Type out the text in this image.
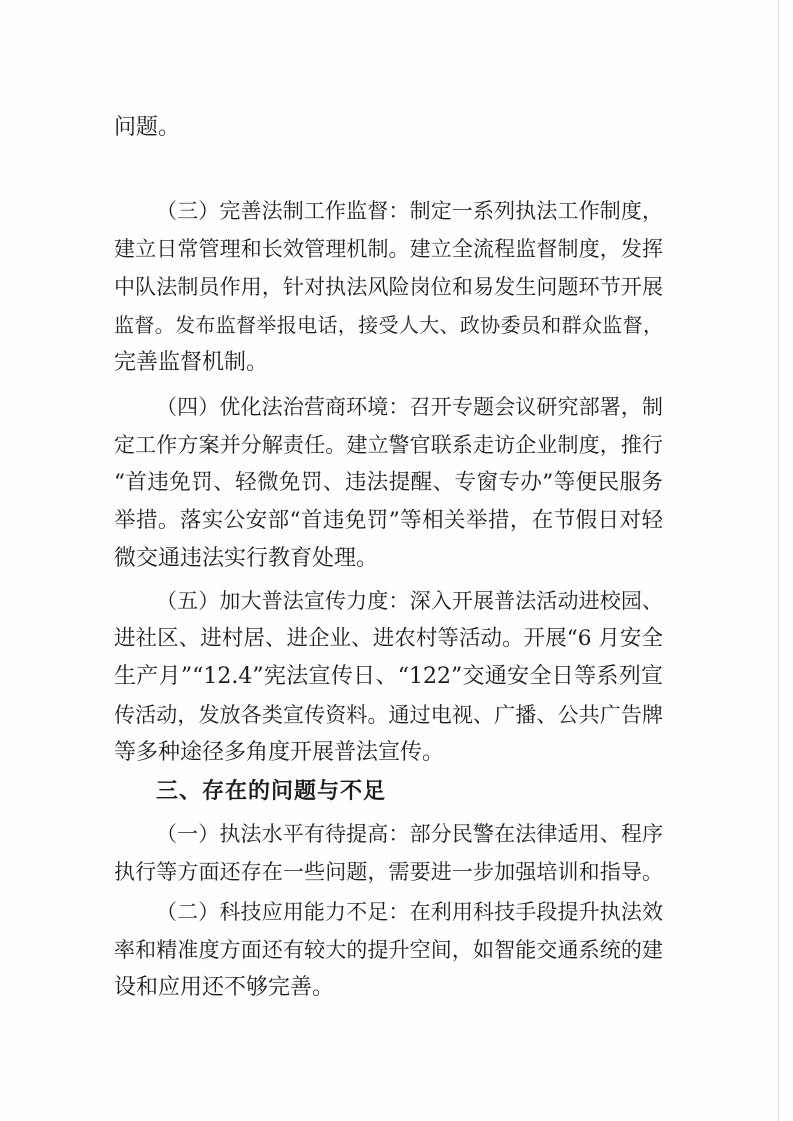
问题。
（三）完善法制工作监督：制定一系列执法工作制度，
建立日常管理和长效管理机制。建立全流程监督制度，发挥
中队法制员作用，针对执法风险岗位和易发生问题环节开展
监督。发布监督举报电话，接受人大、政协委员和群众监督，
完善监督机制。
（四）优化法治营商环境：召开专题会议研究部署，制
定工作方案并分解责任。建立警官联系走访企业制度，推行
“首违免罚、轻微免罚、违法提醒、专窗专办”等便民服务
举措。落实公安部“首违免罚”等相关举措，在节假日对轻
微交通违法实行教育处理。
（五）加大普法宣传力度：深入开展普法活动进校园、
进社区、进村居、进企业、进农村等活动。开展“6 月安全
生产月”“12.4”宪法宣传日、“122”交通安全日等系列宣
传活动，发放各类宣传资料。通过电视、广播、公共广告牌
等多种途径多角度开展普法宣传。
三、存在的问题与不足
（一）执法水平有待提高：部分民警在法律适用、程序
执行等方面还存在一些问题，需要进一步加强培训和指导。
（二）科技应用能力不足：在利用科技手段提升执法效
率和精准度方面还有较大的提升空间，如智能交通系统的建
设和应用还不够完善。
